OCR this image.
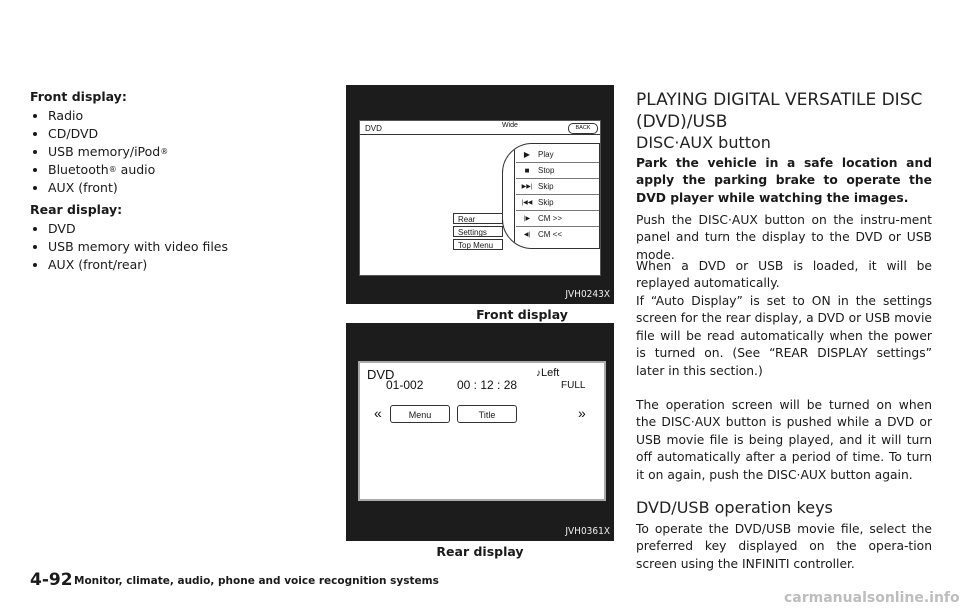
Front display:
Radio
CD/DVD
USB memory/iPod ®
Bluetooth ® audio
AUX (front)
Rear display:
DVD
USB memory with video files
AUX (front/rear)
DVD	Wide	BACK
▶ Play
■	Stop
▶▶| Skip
|◀◀ Skip
|▶ CM >>
◀| CM <<
Rear
Settings
Top Menu
JVH0243X
Front display
DVD
01-002	00 : 12 : 28
♪Left
FULL
«	Menu	Title	»
JVH0361X
Rear display
PLAYING DIGITAL VERSATILE DISC
(DVD)/USB
DISC·AUX button
Park the vehicle in a safe location and apply the parking brake to operate the DVD player while watching the images.
Push the DISC·AUX button on the instru-ment panel and turn the display to the DVD or USB mode.
When a DVD or USB is loaded, it will be replayed automatically.
If “Auto Display” is set to ON in the settings screen for the rear display, a DVD or USB movie file will be read automatically when the power is turned on. (See “REAR DISPLAY settings” later in this section.)
The operation screen will be turned on when the DISC·AUX button is pushed while a DVD or USB movie file is being played, and it will turn off automatically after a period of time. To turn it on again, push the DISC·AUX button again.
DVD/USB operation keys
To operate the DVD/USB movie file, select the preferred key displayed on the opera-tion screen using the INFINITI controller.
4-92 Monitor, climate, audio, phone and voice recognition systems
carmanualsonline.info
